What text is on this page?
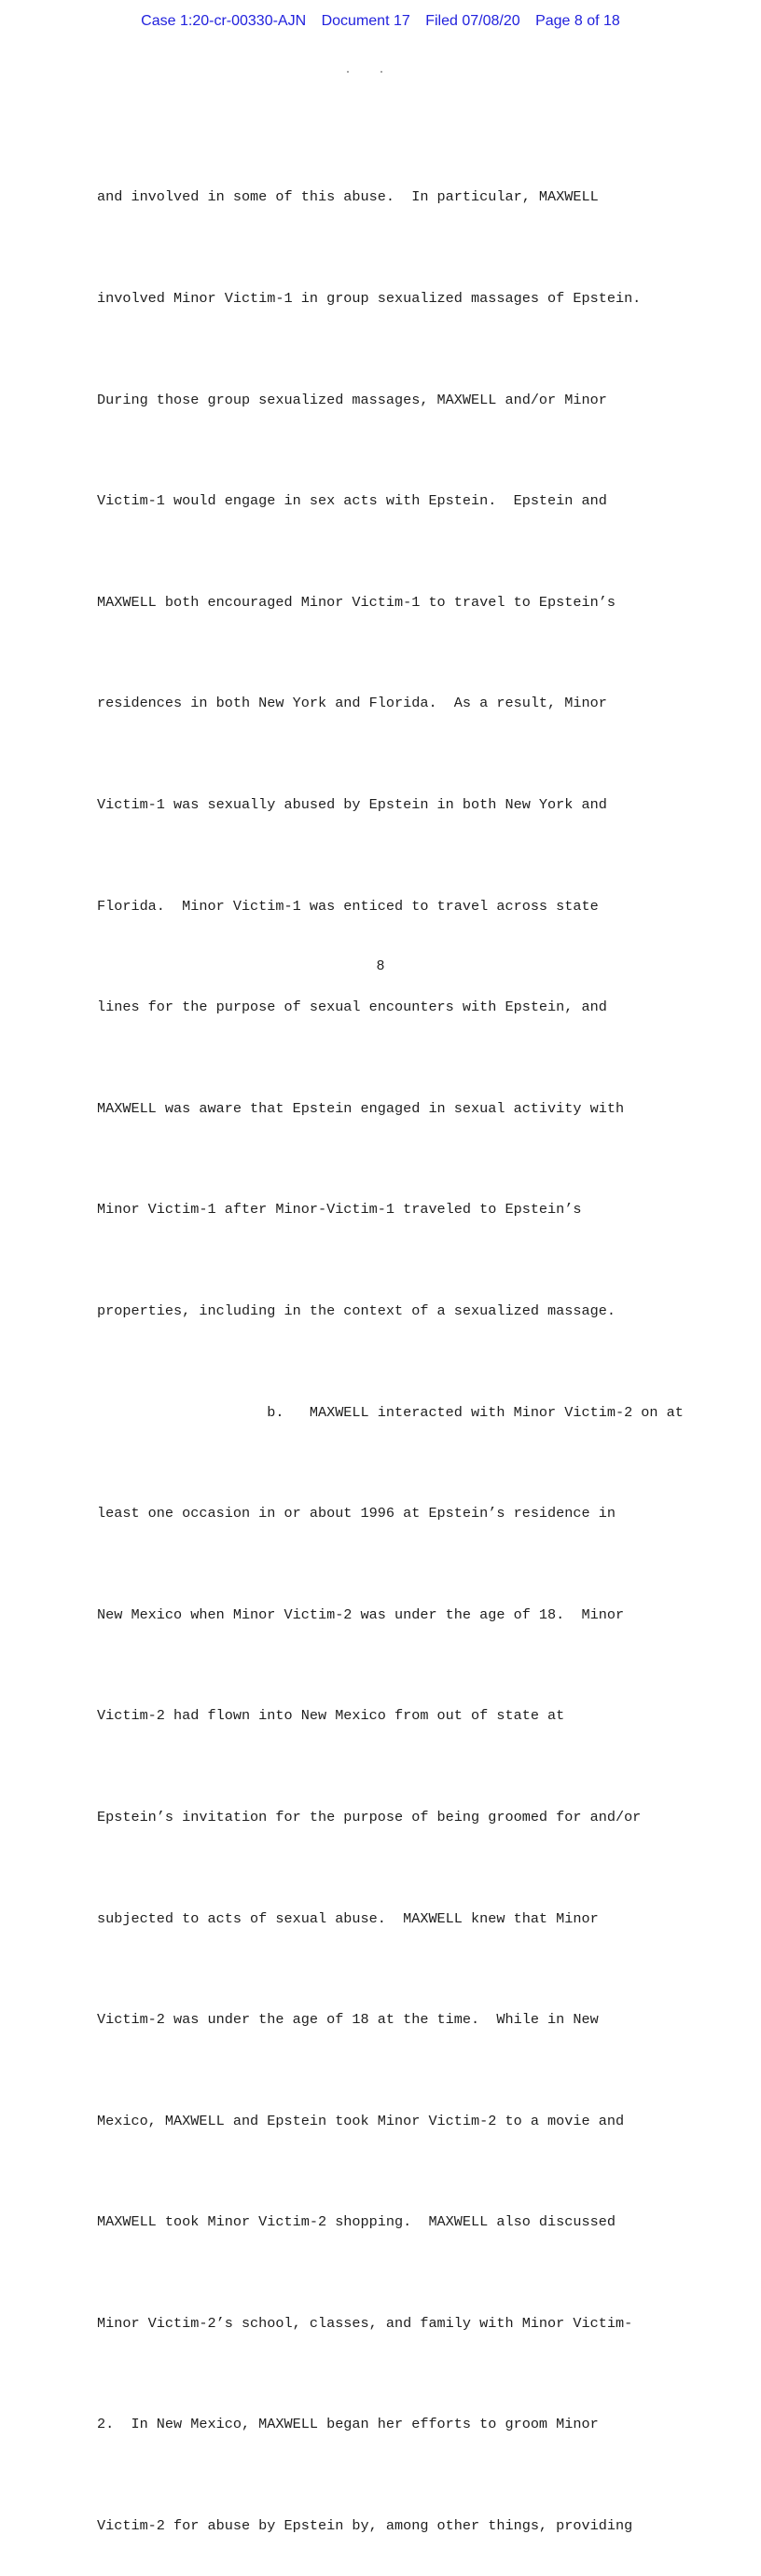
Case 1:20-cr-00330-AJN Document 17 Filed 07/08/20 Page 8 of 18

and involved in some of this abuse.  In particular, MAXWELL

involved Minor Victim-1 in group sexualized massages of Epstein.

During those group sexualized massages, MAXWELL and/or Minor

Victim-1 would engage in sex acts with Epstein.  Epstein and

MAXWELL both encouraged Minor Victim-1 to travel to Epstein’s

residences in both New York and Florida.  As a result, Minor

Victim-1 was sexually abused by Epstein in both New York and

Florida.  Minor Victim-1 was enticed to travel across state

lines for the purpose of sexual encounters with Epstein, and

MAXWELL was aware that Epstein engaged in sexual activity with

Minor Victim-1 after Minor-Victim-1 traveled to Epstein’s

properties, including in the context of a sexualized massage.

b.   MAXWELL interacted with Minor Victim-2 on at

least one occasion in or about 1996 at Epstein’s residence in

New Mexico when Minor Victim-2 was under the age of 18.  Minor

Victim-2 had flown into New Mexico from out of state at

Epstein’s invitation for the purpose of being groomed for and/or

subjected to acts of sexual abuse.  MAXWELL knew that Minor

Victim-2 was under the age of 18 at the time.  While in New

Mexico, MAXWELL and Epstein took Minor Victim-2 to a movie and

MAXWELL took Minor Victim-2 shopping.  MAXWELL also discussed

Minor Victim-2’s school, classes, and family with Minor Victim-

2.  In New Mexico, MAXWELL began her efforts to groom Minor

Victim-2 for abuse by Epstein by, among other things, providing

8
